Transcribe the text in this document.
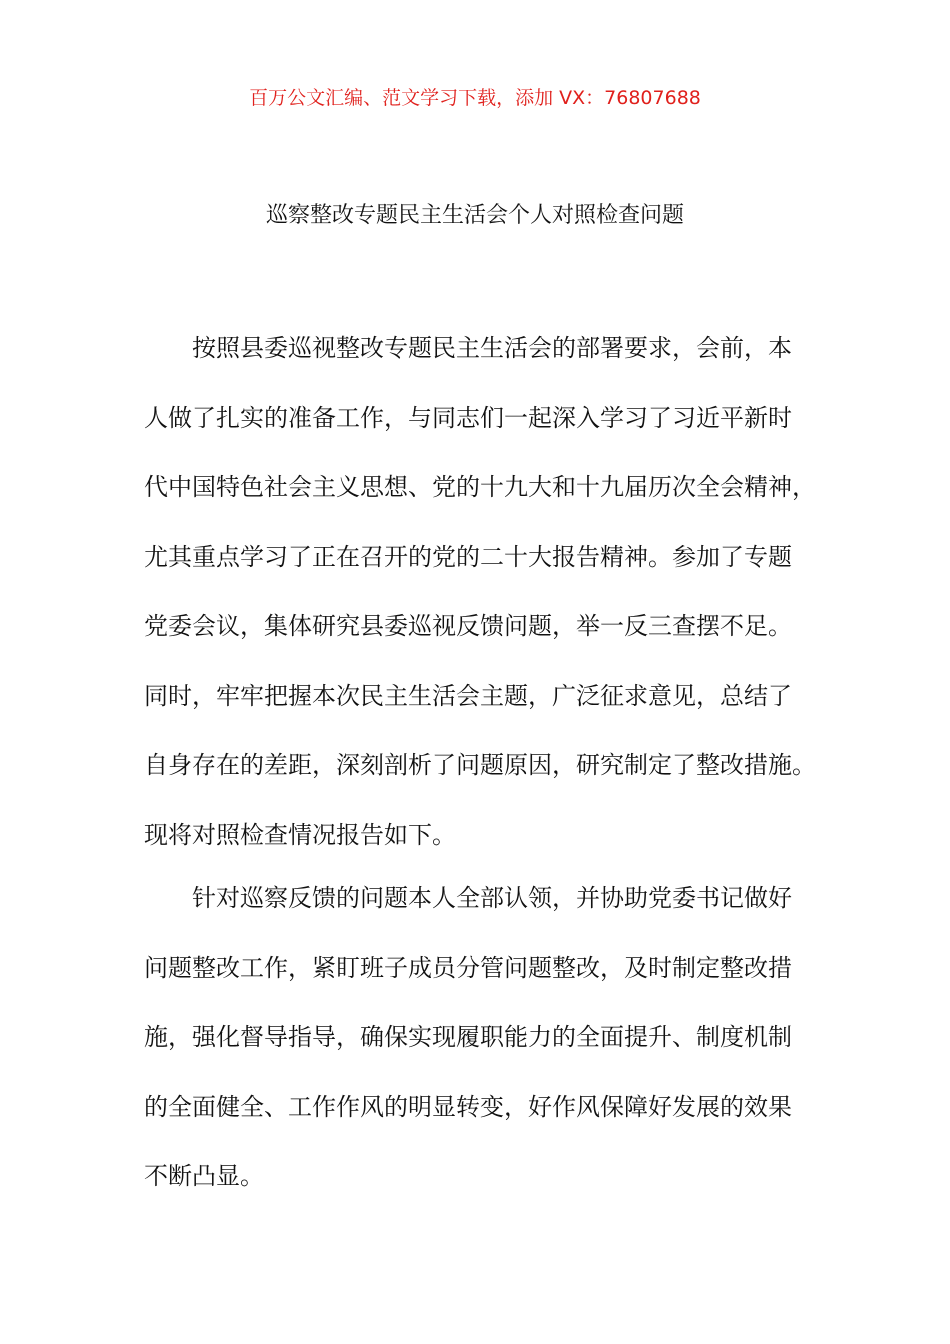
百万公文汇编、范文学习下载，添加 VX：76807688
巡察整改专题民主生活会个人对照检查问题
按照县委巡视整改专题民主生活会的部署要求，会前，本
人做了扎实的准备工作，与同志们一起深入学习了习近平新时
代中国特色社会主义思想、党的十九大和十九届历次全会精神，
尤其重点学习了正在召开的党的二十大报告精神。参加了专题
党委会议，集体研究县委巡视反馈问题，举一反三查摆不足。
同时，牢牢把握本次民主生活会主题，广泛征求意见，总结了
自身存在的差距，深刻剖析了问题原因，研究制定了整改措施。
现将对照检查情况报告如下。
针对巡察反馈的问题本人全部认领，并协助党委书记做好
问题整改工作，紧盯班子成员分管问题整改，及时制定整改措
施，强化督导指导，确保实现履职能力的全面提升、制度机制
的全面健全、工作作风的明显转变，好作风保障好发展的效果
不断凸显。
